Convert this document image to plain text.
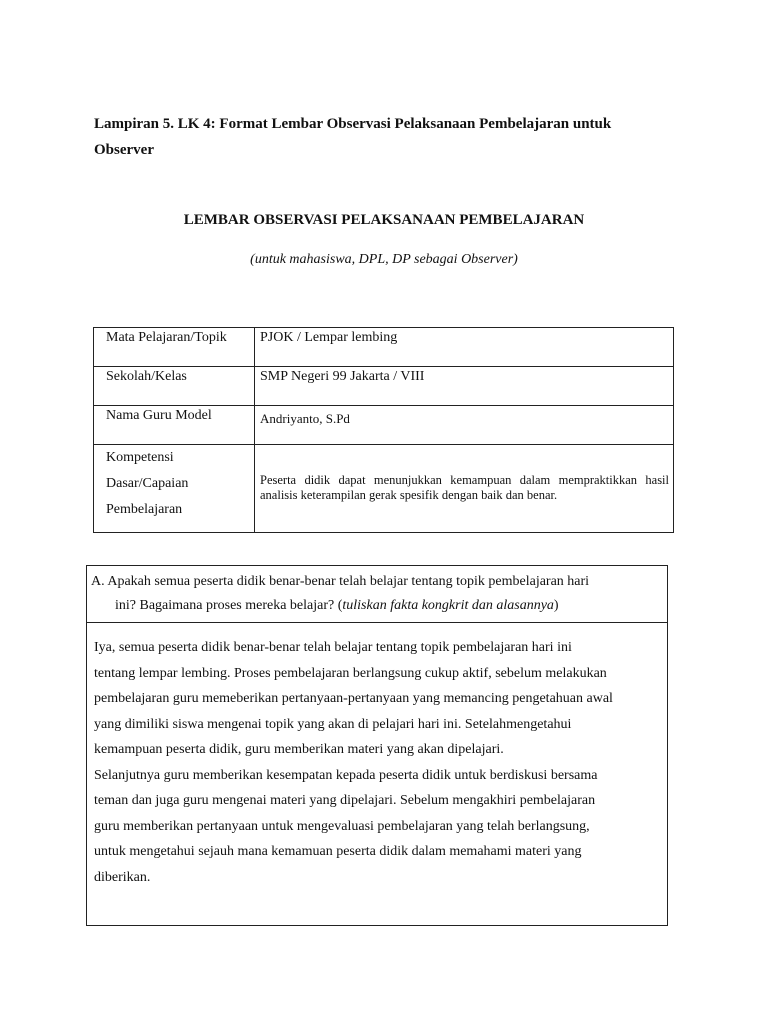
Lampiran 5. LK 4: Format Lembar Observasi Pelaksanaan Pembelajaran untuk
Observer
LEMBAR OBSERVASI PELAKSANAAN PEMBELAJARAN
(untuk mahasiswa, DPL, DP sebagai Observer)
Mata Pelajaran/Topik	PJOK / Lempar lembing

Sekolah/Kelas	SMP Negeri 99 Jakarta / VIII

Nama Guru Model	Andriyanto, S.Pd

Kompetensi
Dasar/Capaian
Pembelajaran	Peserta didik dapat menunjukkan kemampuan dalam mempraktikkan hasil analisis keterampilan gerak spesifik dengan baik dan benar.
A. Apakah semua peserta didik benar-benar telah belajar tentang topik pembelajaran hari
ini? Bagaimana proses mereka belajar? (tuliskan fakta kongkrit dan alasannya)
Iya, semua peserta didik benar-benar telah belajar tentang topik pembelajaran hari ini
tentang lempar lembing. Proses pembelajaran berlangsung cukup aktif, sebelum melakukan
pembelajaran guru memeberikan pertanyaan-pertanyaan yang memancing pengetahuan awal
yang dimiliki siswa mengenai topik yang akan di pelajari hari ini. Setelahmengetahui
kemampuan peserta didik, guru memberikan materi yang akan dipelajari.
Selanjutnya guru memberikan kesempatan kepada peserta didik untuk berdiskusi bersama
teman dan juga guru mengenai materi yang dipelajari. Sebelum mengakhiri pembelajaran
guru memberikan pertanyaan untuk mengevaluasi pembelajaran yang telah berlangsung,
untuk mengetahui sejauh mana kemamuan peserta didik dalam memahami materi yang
diberikan.
